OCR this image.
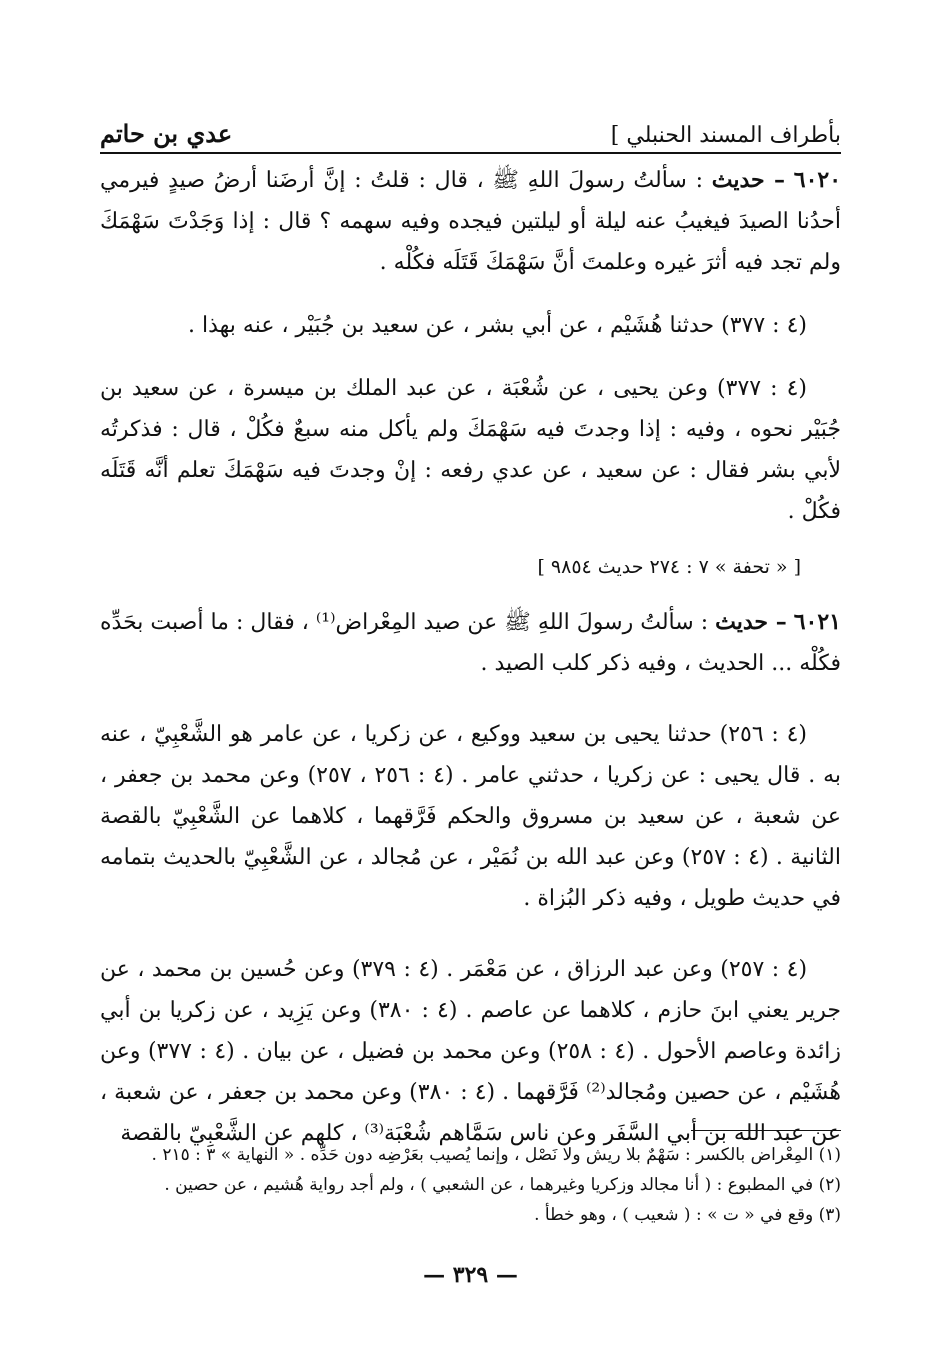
بأطراف المسند الحنبلي ]
عدي بن حاتم

٦٠٢٠ – حديث : سألتُ رسولَ اللهِ ﷺ ، قال : قلتُ : إنَّ أرضَنا أرضُ صيدٍ فيرمي أحدُنا الصيدَ فيغيبُ عنه ليلة أو ليلتين فيجده وفيه سهمه ؟ قال : إذا وَجَدْتَ سَهْمَكَ ولم تجد فيه أثرَ غيره وعلمتَ أنَّ سَهْمَكَ قَتَلَه فكُلْه .

(٤ : ٣٧٧) حدثنا هُشَيْم ، عن أبي بشر ، عن سعيد بن جُبَيْر ، عنه بهذا .

(٤ : ٣٧٧) وعن يحيى ، عن شُعْبَة ، عن عبد الملك بن ميسرة ، عن سعيد بن جُبَيْر نحوه ، وفيه : إذا وجدتَ فيه سَهْمَكَ ولم يأكل منه سبعٌ فكُلْ ، قال : فذكرتُه لأبي بشر فقال : عن سعيد ، عن عدي رفعه : إنْ وجدتَ فيه سَهْمَكَ تعلم أنَّه قَتَلَه فكُلْ .

[ « تحفة » ٧ : ٢٧٤ حديث ٩٨٥٤ ]

٦٠٢١ – حديث : سألتُ رسولَ اللهِ ﷺ عن صيد المِعْراض⁽¹⁾ ، فقال : ما أصبت بحَدِّه فكُلْه ... الحديث ، وفيه ذكر كلب الصيد .

(٤ : ٢٥٦) حدثنا يحيى بن سعيد ووكيع ، عن زكريا ، عن عامر هو الشَّعْبِيّ ، عنه به . قال يحيى : عن زكريا ، حدثني عامر . (٤ : ٢٥٦ ، ٢٥٧) وعن محمد بن جعفر ، عن شعبة ، عن سعيد بن مسروق والحكم فَرَّقهما ، كلاهما عن الشَّعْبِيّ بالقصة الثانية . (٤ : ٢٥٧) وعن عبد الله بن نُمَيْر ، عن مُجالد ، عن الشَّعْبِيّ بالحديث بتمامه في حديث طويل ، وفيه ذكر البُزاة .

(٤ : ٢٥٧) وعن عبد الرزاق ، عن مَعْمَر . (٤ : ٣٧٩) وعن حُسين بن محمد ، عن جرير يعني ابنَ حازم ، كلاهما عن عاصم . (٤ : ٣٨٠) وعن يَزِيد ، عن زكريا بن أبي زائدة وعاصم الأحول . (٤ : ٢٥٨) وعن محمد بن فضيل ، عن بيان . (٤ : ٣٧٧) وعن هُشَيْم ، عن حصين ومُجالد⁽²⁾ فَرَّقهما . (٤ : ٣٨٠) وعن محمد بن جعفر ، عن شعبة ، عن عبد الله بن أبي السَّفَر وعن ناس سَمَّاهم شُعْبَة⁽³⁾ ، كلهم عن الشَّعْبِيّ بالقصة

(١) المِعْراض بالكسر : سَهْمٌ بلا ريش ولا نَصْل ، وإنما يُصيب بعَرْضِه دون حَدِّه . « النهاية » ٣ : ٢١٥ .

(٢) في المطبوع : ( أنا مجالد وزكريا وغيرهما ، عن الشعبي ) ، ولم أجد رواية هُشيم ، عن حصين .

(٣) وقع في « ت » : ( شعيب ) ، وهو خطأ .

— ٣٢٩ —
